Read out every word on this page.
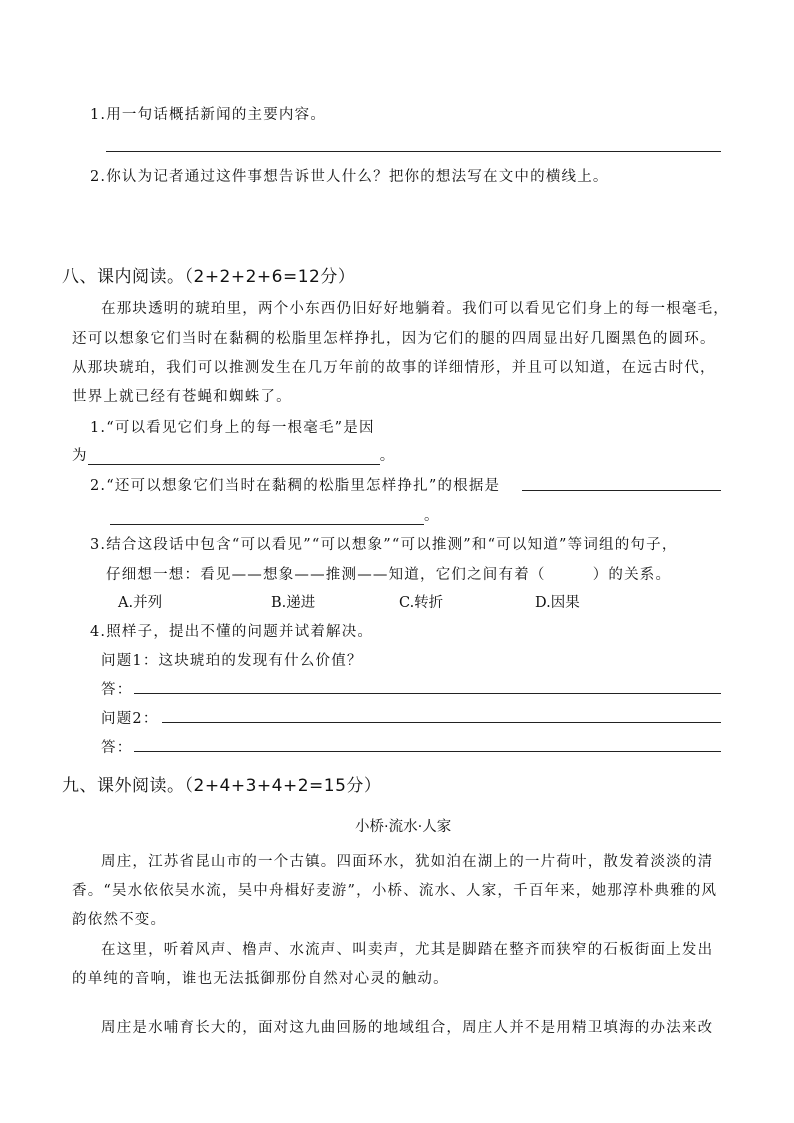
1.用一句话概括新闻的主要内容。
2.你认为记者通过这件事想告诉世人什么？把你的想法写在文中的横线上。
八、课内阅读。（2+2+2+6=12分）
在那块透明的琥珀里，两个小东西仍旧好好地躺着。我们可以看见它们身上的每一根毫毛，
还可以想象它们当时在黏稠的松脂里怎样挣扎，因为它们的腿的四周显出好几圈黑色的圆环。
从那块琥珀，我们可以推测发生在几万年前的故事的详细情形，并且可以知道，在远古时代，
世界上就已经有苍蝇和蜘蛛了。
1.“可以看见它们身上的每一根毫毛”是因
为	。
2.“还可以想象它们当时在黏稠的松脂里怎样挣扎”的根据是
。
3.结合这段话中包含“可以看见”“可以想象”“可以推测”和“可以知道”等词组的句子，
仔细想一想：看见——想象——推测——知道，它们之间有着（　　　）的关系。
A.并列	B.递进	C.转折	D.因果
4.照样子，提出不懂的问题并试着解决。
问题1：这块琥珀的发现有什么价值？
答：
问题2：
答：
九、课外阅读。（2+4+3+4+2=15分）
小桥·流水·人家
周庄，江苏省昆山市的一个古镇。四面环水，犹如泊在湖上的一片荷叶，散发着淡淡的清
香。“吴水依依吴水流，吴中舟楫好麦游”，小桥、流水、人家，千百年来，她那淳朴典雅的风
韵依然不变。
在这里，听着风声、橹声、水流声、叫卖声，尤其是脚踏在整齐而狭窄的石板街面上发出
的单纯的音响，谁也无法抵御那份自然对心灵的触动。
周庄是水哺育长大的，面对这九曲回肠的地域组合，周庄人并不是用精卫填海的办法来改
